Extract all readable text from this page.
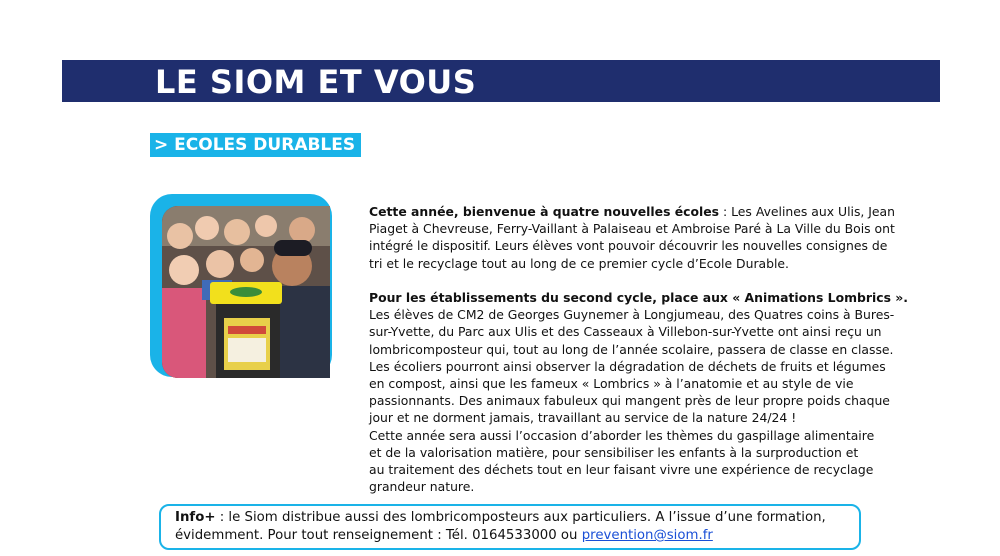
LE SIOM ET VOUS
> ECOLES DURABLES

Cette année, bienvenue à quatre nouvelles écoles : Les Avelines aux Ulis, Jean

Piaget à Chevreuse, Ferry-Vaillant à Palaiseau et Ambroise Paré à La Ville du Bois ont

intégré le dispositif. Leurs élèves vont pouvoir découvrir les nouvelles consignes de

tri et le recyclage tout au long de ce premier cycle d’Ecole Durable.

Pour les établissements du second cycle, place aux « Animations Lombrics ».

Les élèves de CM2 de Georges Guynemer à Longjumeau, des Quatres coins à Bures-

sur-Yvette, du Parc aux Ulis et des Casseaux à Villebon-sur-Yvette ont ainsi reçu un

lombricomposteur qui, tout au long de l’année scolaire, passera de classe en classe.

Les écoliers pourront ainsi observer la dégradation de déchets de fruits et légumes

en compost, ainsi que les fameux « Lombrics » à l’anatomie et au style de vie

passionnants. Des animaux fabuleux qui mangent près de leur propre poids chaque

jour et ne dorment jamais, travaillant au service de la nature 24/24 !

Cette année sera aussi l’occasion d’aborder les thèmes du gaspillage alimentaire

et de la valorisation matière, pour sensibiliser les enfants à la surproduction et

au traitement des déchets tout en leur faisant vivre une expérience de recyclage

grandeur nature.

Info+ : le Siom distribue aussi des lombricomposteurs aux particuliers. A l’issue d’une formation,
évidemment. Pour tout renseignement : Tél. 0164533000 ou prevention@siom.fr
